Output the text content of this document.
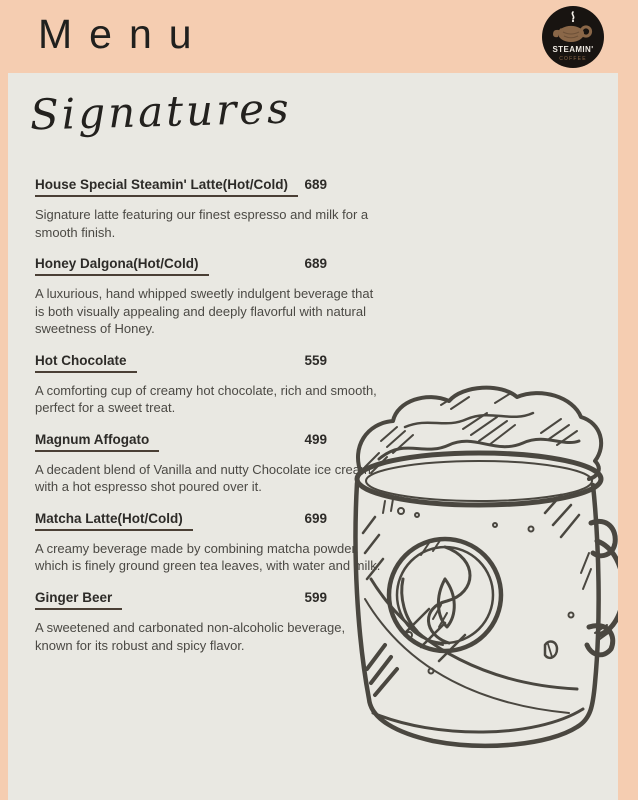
Menu	STEAMIN'
COFFEE
Signatures
House Special Steamin' Latte(Hot/Cold)	689
Signature latte featuring our finest espresso and milk for a smooth finish.
Honey Dalgona(Hot/Cold)	689
A luxurious, hand whipped sweetly indulgent beverage that is both visually appealing and deeply flavorful with natural sweetness of Honey.
Hot Chocolate	559
A comforting cup of creamy hot chocolate, rich and smooth, perfect for a sweet treat.
Magnum Affogato	499
A decadent blend of Vanilla and nutty Chocolate ice cream with a hot espresso shot poured over it.
Matcha Latte(Hot/Cold)	699
A creamy beverage made by combining matcha powder, which is finely ground green tea leaves, with water and milk.
Ginger Beer	599
A sweetened and carbonated non-alcoholic beverage, known for its robust and spicy flavor.
